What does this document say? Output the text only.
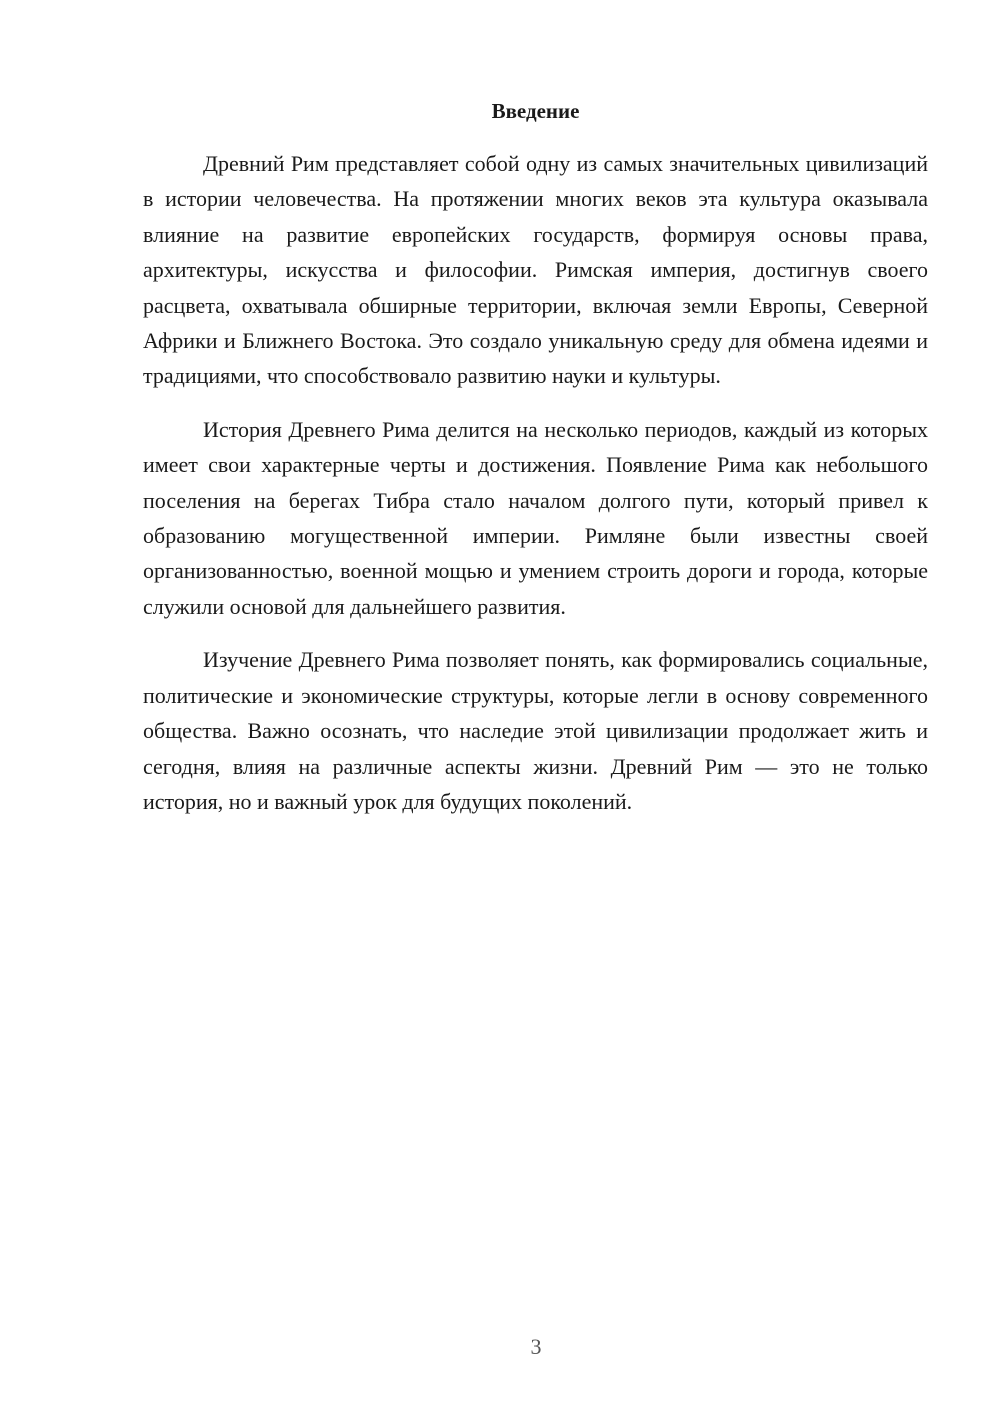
Введение

Древний Рим представляет собой одну из самых значительных цивилизаций в истории человечества. На протяжении многих веков эта культура оказывала влияние на развитие европейских государств, формируя основы права, архитектуры, искусства и философии. Римская империя, достигнув своего расцвета, охватывала обширные территории, включая земли Европы, Северной Африки и Ближнего Востока. Это создало уникальную среду для обмена идеями и традициями, что способствовало развитию науки и культуры.

История Древнего Рима делится на несколько периодов, каждый из которых имеет свои характерные черты и достижения. Появление Рима как небольшого поселения на берегах Тибра стало началом долгого пути, который привел к образованию могущественной империи. Римляне были известны своей организованностью, военной мощью и умением строить дороги и города, которые служили основой для дальнейшего развития.

Изучение Древнего Рима позволяет понять, как формировались социальные, политические и экономические структуры, которые легли в основу современного общества. Важно осознать, что наследие этой цивилизации продолжает жить и сегодня, влияя на различные аспекты жизни. Древний Рим — это не только история, но и важный урок для будущих поколений.

3
